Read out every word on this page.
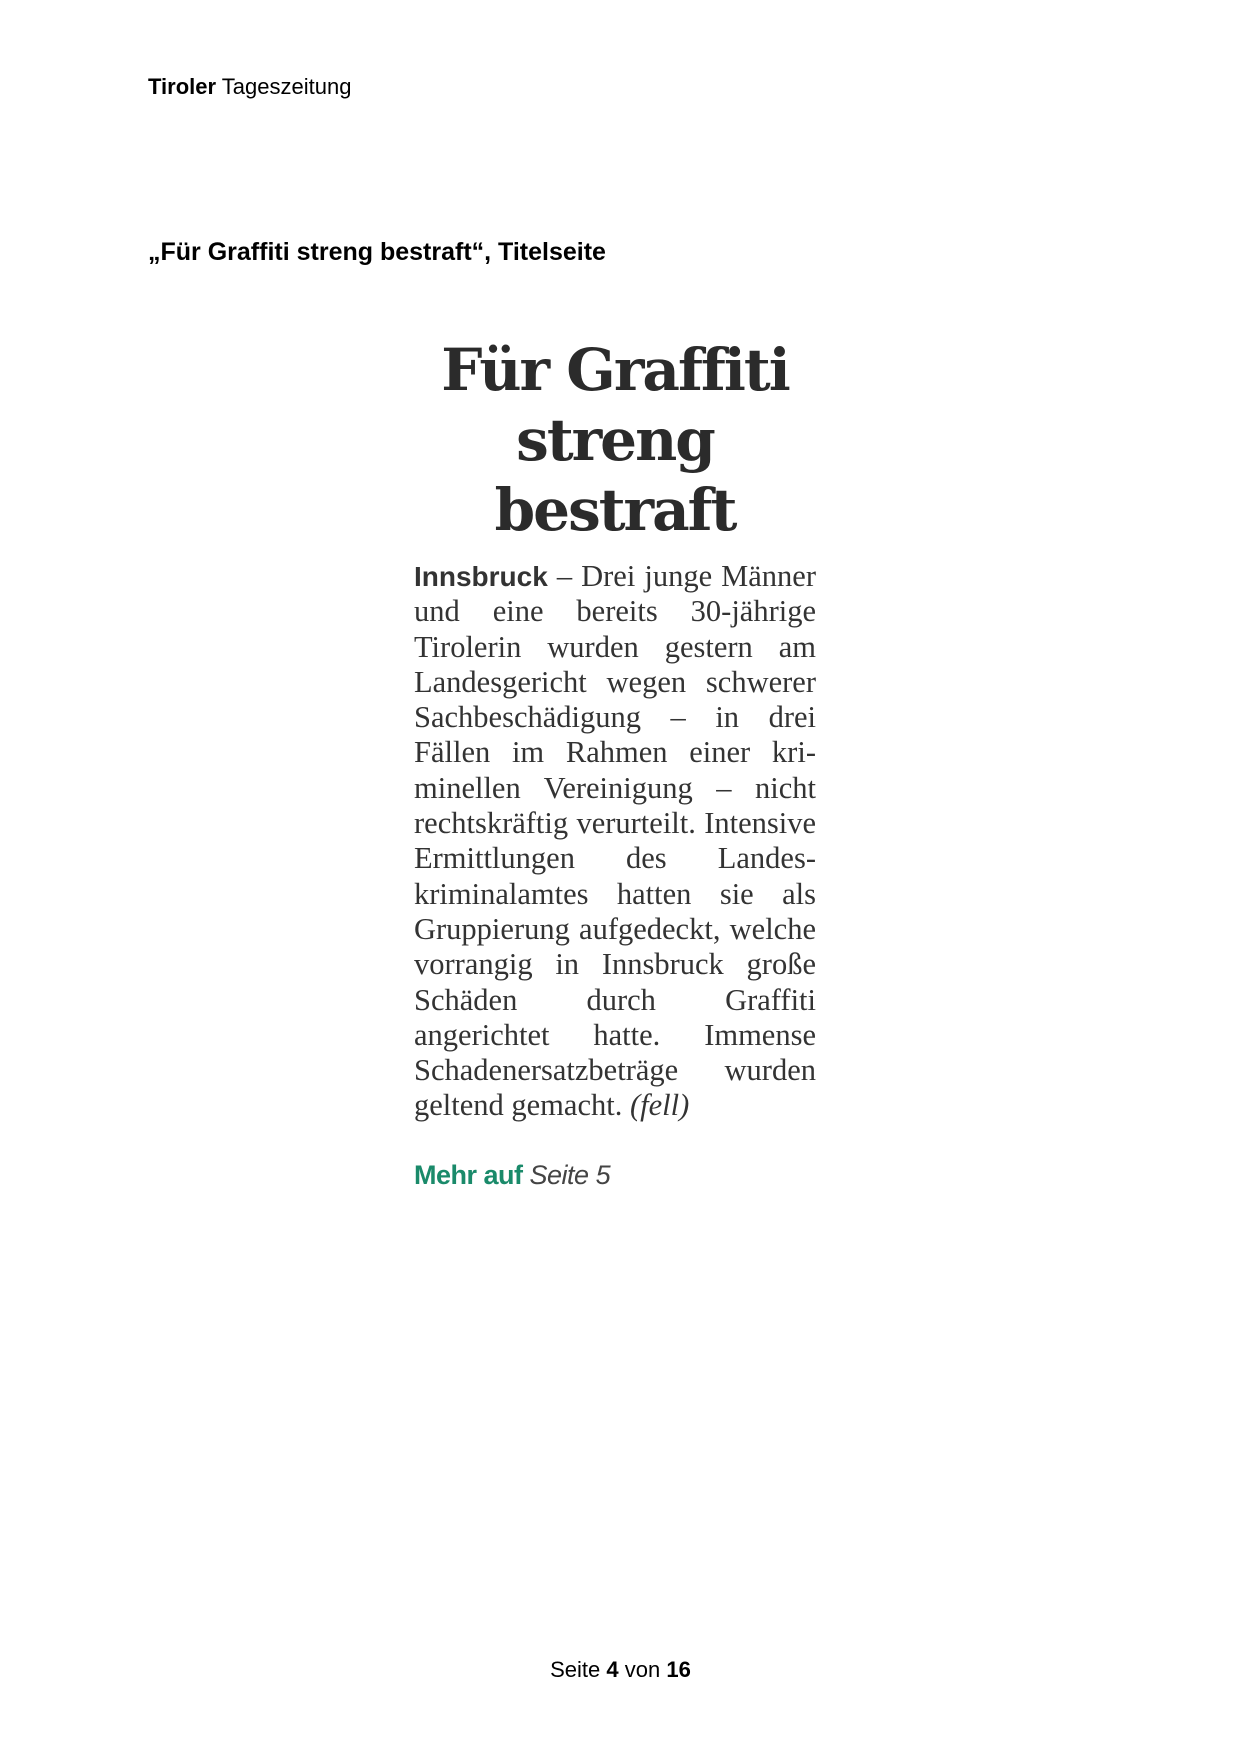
Tiroler Tageszeitung
„Für Graffiti streng bestraft“, Titelseite
Für Graffiti
streng bestraft
Innsbruck – Drei junge Männer und eine bereits 30-jährige Tirolerin wurden gestern am Landesgericht wegen schwerer Sachbeschädigung – in drei Fällen im Rahmen einer kriminellen Vereinigung – nicht rechtskräftig verurteilt. Intensive Ermittlungen des Landeskriminalamtes hatten sie als Gruppierung aufgedeckt, welche vorrangig in Innsbruck große Schäden durch Graffiti angerichtet hatte. Immense Schadenersatzbeträge wurden geltend gemacht. (fell)
Mehr auf Seite 5
Seite 4 von 16
